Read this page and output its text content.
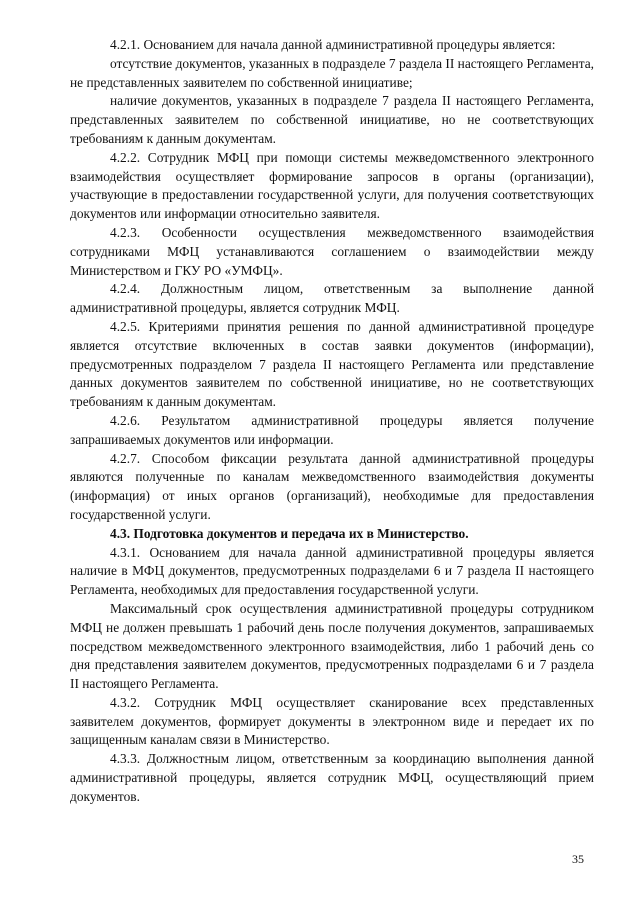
4.2.1. Основанием для начала данной административной процедуры является:

отсутствие документов, указанных в подразделе 7 раздела II настоящего Регламента, не представленных заявителем по собственной инициативе;

наличие документов, указанных в подразделе 7 раздела II настоящего Регламента, представленных заявителем по собственной инициативе, но не соответствующих требованиям к данным документам.

4.2.2. Сотрудник МФЦ при помощи системы межведомственного электронного взаимодействия осуществляет формирование запросов в органы (организации), участвующие в предоставлении государственной услуги, для получения соответствующих документов или информации относительно заявителя.

4.2.3. Особенности осуществления межведомственного взаимодействия сотрудниками МФЦ устанавливаются соглашением о взаимодействии между Министерством и ГКУ РО «УМФЦ».

4.2.4. Должностным лицом, ответственным за выполнение данной административной процедуры, является сотрудник МФЦ.

4.2.5. Критериями принятия решения по данной административной процедуре является отсутствие включенных в состав заявки документов (информации), предусмотренных подразделом 7 раздела II настоящего Регламента или представление данных документов заявителем по собственной инициативе, но не соответствующих требованиям к данным документам.

4.2.6. Результатом административной процедуры является получение запрашиваемых документов или информации.

4.2.7. Способом фиксации результата данной административной процедуры являются полученные по каналам межведомственного взаимодействия документы (информация) от иных органов (организаций), необходимые для предоставления государственной услуги.

4.3. Подготовка документов и передача их в Министерство.

4.3.1. Основанием для начала данной административной процедуры является наличие в МФЦ документов, предусмотренных подразделами 6 и 7 раздела II настоящего Регламента, необходимых для предоставления государственной услуги.

Максимальный срок осуществления административной процедуры сотрудником МФЦ не должен превышать 1 рабочий день после получения документов, запрашиваемых посредством межведомственного электронного взаимодействия, либо 1 рабочий день со дня представления заявителем документов, предусмотренных подразделами 6 и 7 раздела II настоящего Регламента.

4.3.2. Сотрудник МФЦ осуществляет сканирование всех представленных заявителем документов, формирует документы в электронном виде и передает их по защищенным каналам связи в Министерство.

4.3.3. Должностным лицом, ответственным за координацию выполнения данной административной процедуры, является сотрудник МФЦ, осуществляющий прием документов.

35
